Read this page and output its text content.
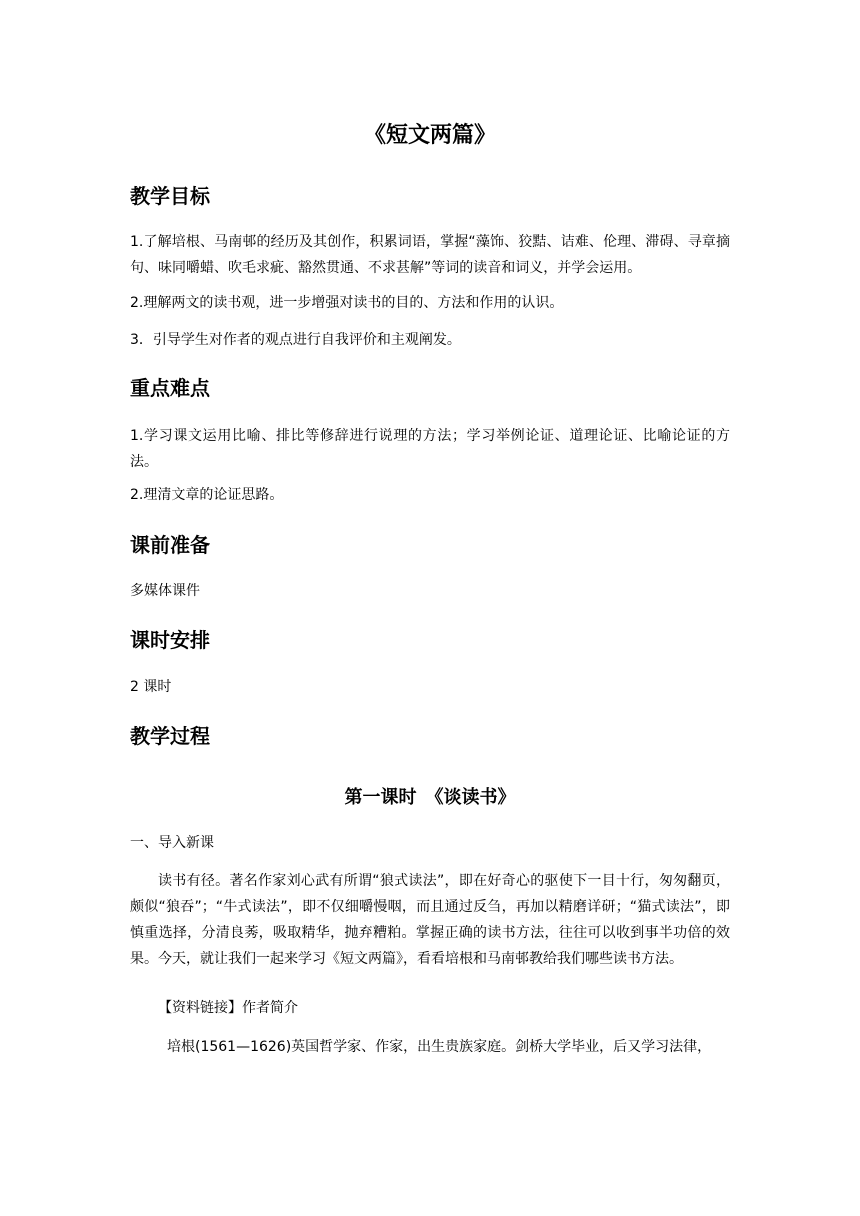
《短文两篇》
教学目标
1.了解培根、马南邨的经历及其创作，积累词语，掌握“藻饰、狡黠、诘难、伦理、滞碍、寻章摘句、味同嚼蜡、吹毛求疵、豁然贯通、不求甚解”等词的读音和词义，并学会运用。
2.理解两文的读书观，进一步增强对读书的目的、方法和作用的认识。
3．引导学生对作者的观点进行自我评价和主观阐发。
重点难点
1.学习课文运用比喻、排比等修辞进行说理的方法；学习举例论证、道理论证、比喻论证的方法。
2.理清文章的论证思路。
课前准备
多媒体课件
课时安排
2 课时
教学过程
第一课时　《谈读书》
一、导入新课
读书有径。著名作家刘心武有所谓“狼式读法”，即在好奇心的驱使下一目十行，匆匆翻页，颇似“狼吞”；“牛式读法”，即不仅细嚼慢咽，而且通过反刍，再加以精磨详研；“猫式读法”，即慎重选择，分清良莠，吸取精华，抛弃糟粕。掌握正确的读书方法，往往可以收到事半功倍的效果。今天，就让我们一起来学习《短文两篇》，看看培根和马南邨教给我们哪些读书方法。
【资料链接】作者简介
培根(1561—1626)英国哲学家、作家，出生贵族家庭。剑桥大学毕业，后又学习法律，
